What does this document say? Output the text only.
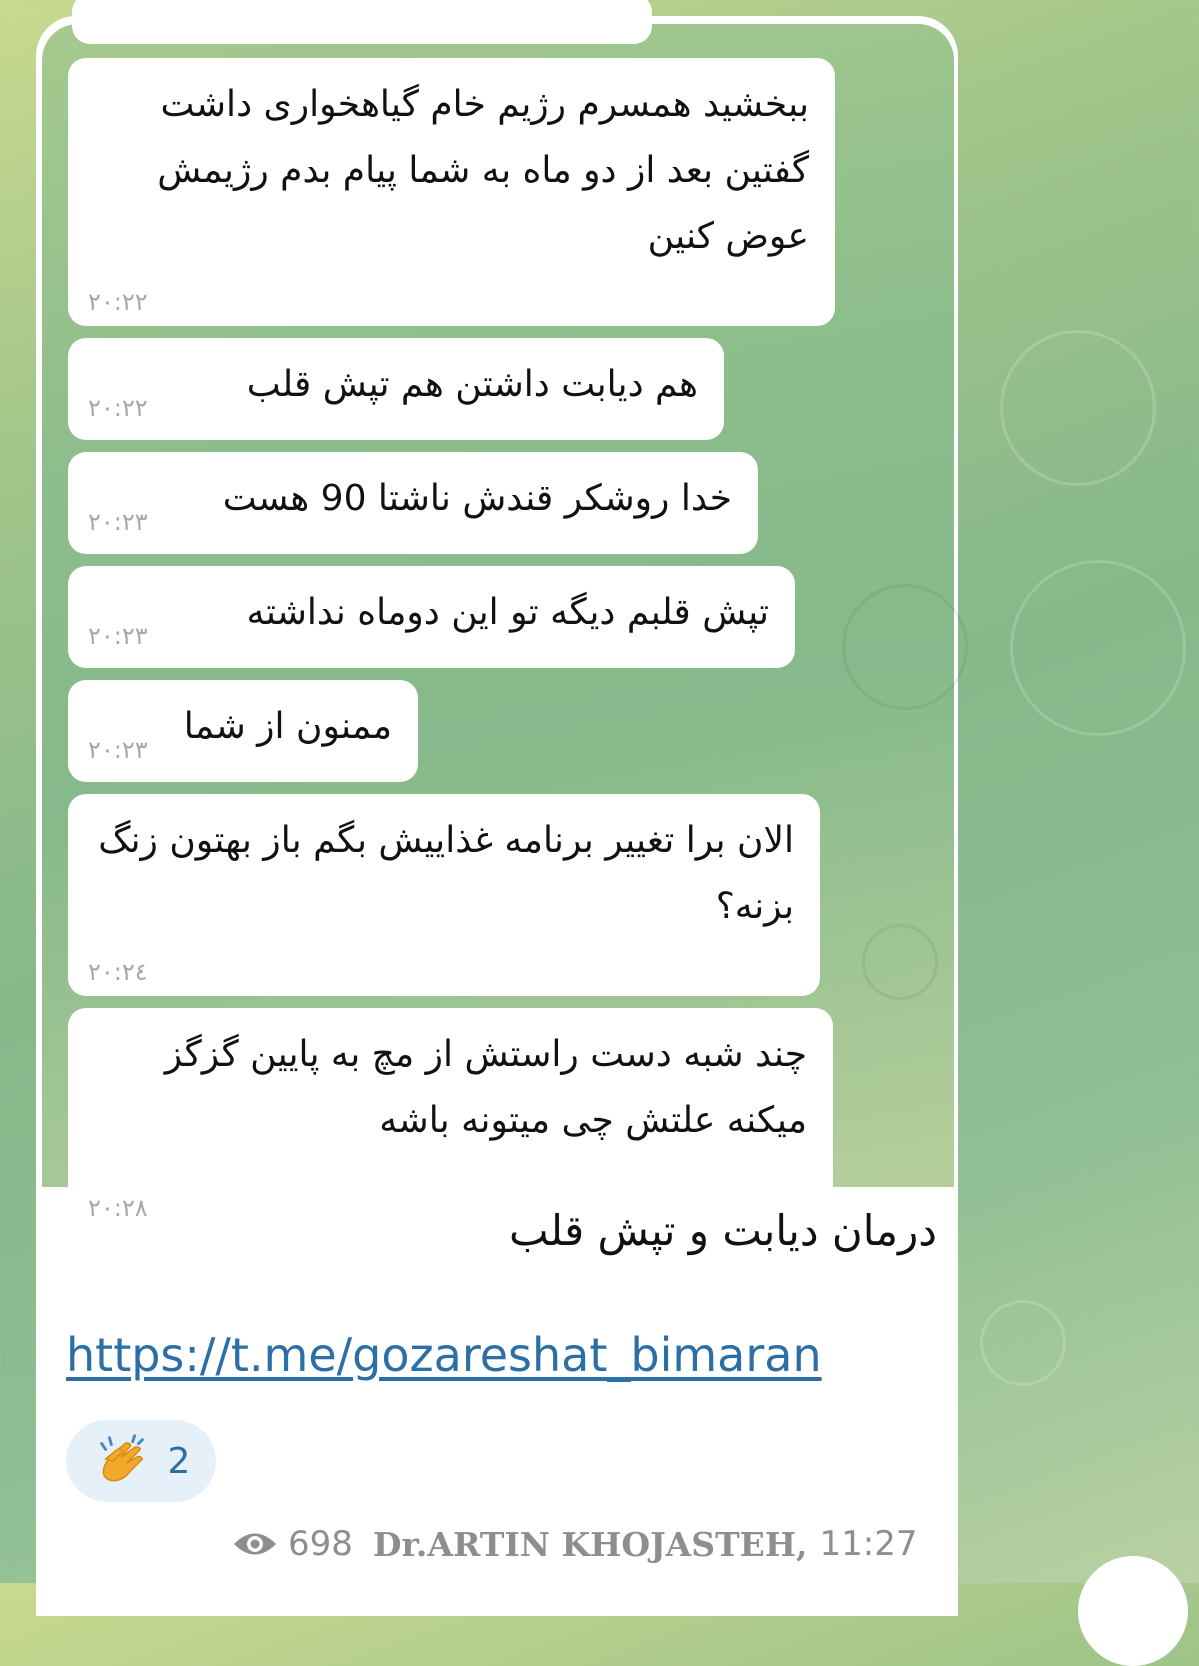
ببخشید همسرم رژیم خام گیاهخواری داشت گفتین بعد از دو ماه به شما پیام بدم رژیمش عوض کنین
۲۰:۲۲
هم دیابت داشتن هم تپش قلب
۲۰:۲۲
خدا روشکر قندش ناشتا 90 هست
۲۰:۲۳
تپش قلبم دیگه تو این دوماه نداشته
۲۰:۲۳
ممنون از شما
۲۰:۲۳
الان برا تغییر برنامه غذاییش بگم باز بهتون زنگ بزنه؟
۲۰:۲٤
چند شبه دست راستش از مچ به پایین گزگز میکنه علتش چی میتونه باشه
۲۰:۲۸	درمان دیابت و تپش قلب
https://t.me/gozareshat_bimaran
2
698 Dr.ARTIN KHOJASTEH, 11:27
